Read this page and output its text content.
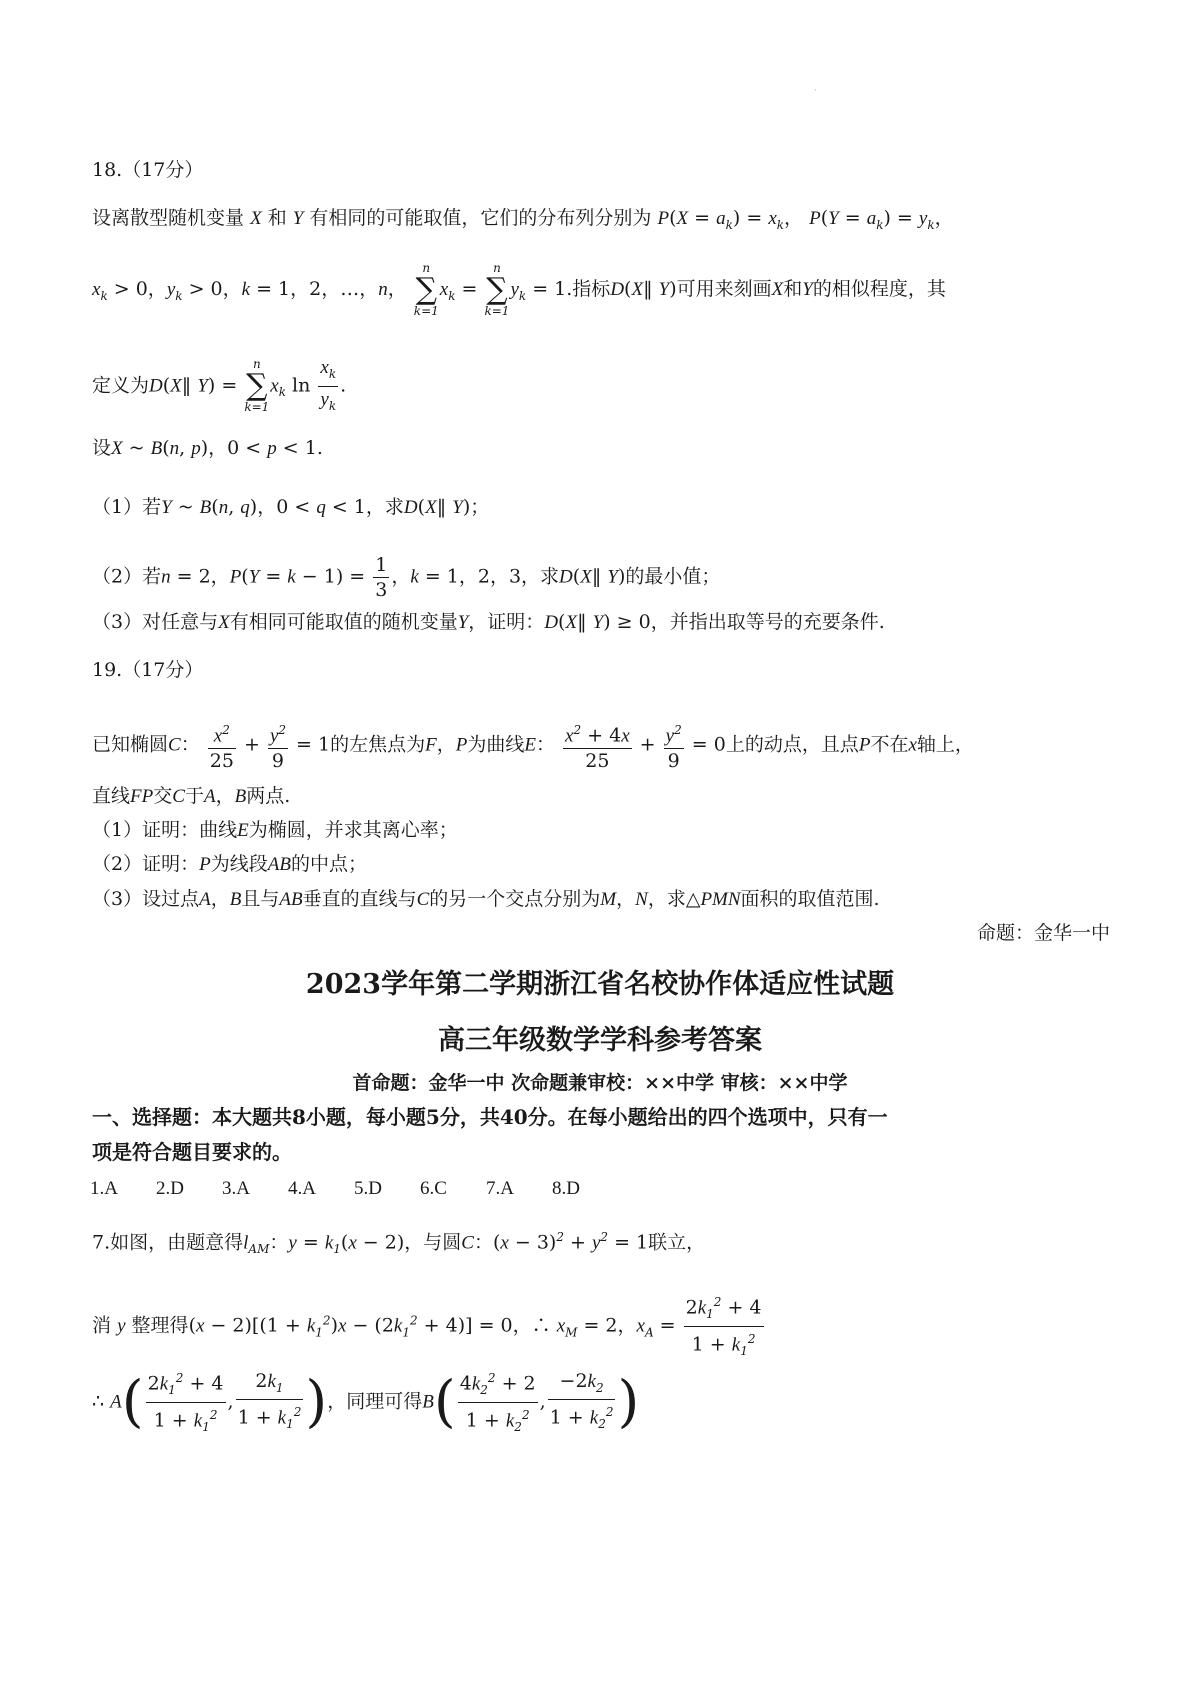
·
18.（17分）
设离散型随机变量 X 和 Y 有相同的可能取值，它们的分布列分别为 $P(X = a_k) = x_k$， $P(Y = a_k) = y_k$，
$x_k > 0$，$y_k > 0$，k = 1，2，…，n，
n
∑
k=1
$x_k$ =
n
∑
k=1
$y_k = 1$.指标D(X‖ Y)可用来刻画X和Y的相似程度，其
定义为D(X‖ Y) =
n
∑
k=1
$x_k$ $\ln \frac{x_k}{y_k}$ .
设X ~ B(n, p)，0 < p < 1.
（1）若Y ~ B(n, q)，0 < q < 1，求D(X‖ Y)；
（2）若n = 2，$P(Y = k - 1) = \frac{1}{3}$ ，k = 1，2，3，求D(X‖ Y)的最小值；
（3）对任意与X有相同可能取值的随机变量Y，证明：D(X‖ Y) ≥ 0，并指出取等号的充要条件.
19.（17分）
已知椭圆C： $\frac{x^2}{25} + \frac{y^2}{9} = 1$的左焦点为F，P为曲线E： $\frac{x^2 + 4x}{25} + \frac{y^2}{9} = 0$上的动点，且点P不在x轴上，
直线FP交C于A，B两点.
（1）证明：曲线E为椭圆，并求其离心率；
（2）证明：P为线段AB的中点；
（3）设过点A，B且与AB垂直的直线与C的另一个交点分别为M，N，求△PMN面积的取值范围.
命题：金华一中
2023学年第二学期浙江省名校协作体适应性试题
高三年级数学学科参考答案
首命题：金华一中 次命题兼审校：××中学 审核：××中学
一、选择题：本大题共8小题，每小题5分，共40分。在每小题给出的四个选项中，只有一
项是符合题目要求的。
1.A 2.D 3.A 4.A 5.D 6.C 7.A 8.D
7.如图，由题意得$l_{AM}$：$y = k_1(x - 2)$，与圆C：$(x - 3)^2 + y^2 = 1$联立，
消 y 整理得$(x - 2)[(1 + k_1^2)x - (2k_1^2 + 4)] = 0$，∴ $x_M = 2$，$x_A = \frac{2k_1^2 + 4}{1 + k_1^2}$
∴ $A( \frac{2k_1^2 + 4}{1 + k_1^2}$ , $\frac{2k_1}{1 + k_1^2}$ )，同理可得$B( \frac{4k_2^2 + 2}{1 + k_2^2}$ , $\frac{-2k_2}{1 + k_2^2}$ )
